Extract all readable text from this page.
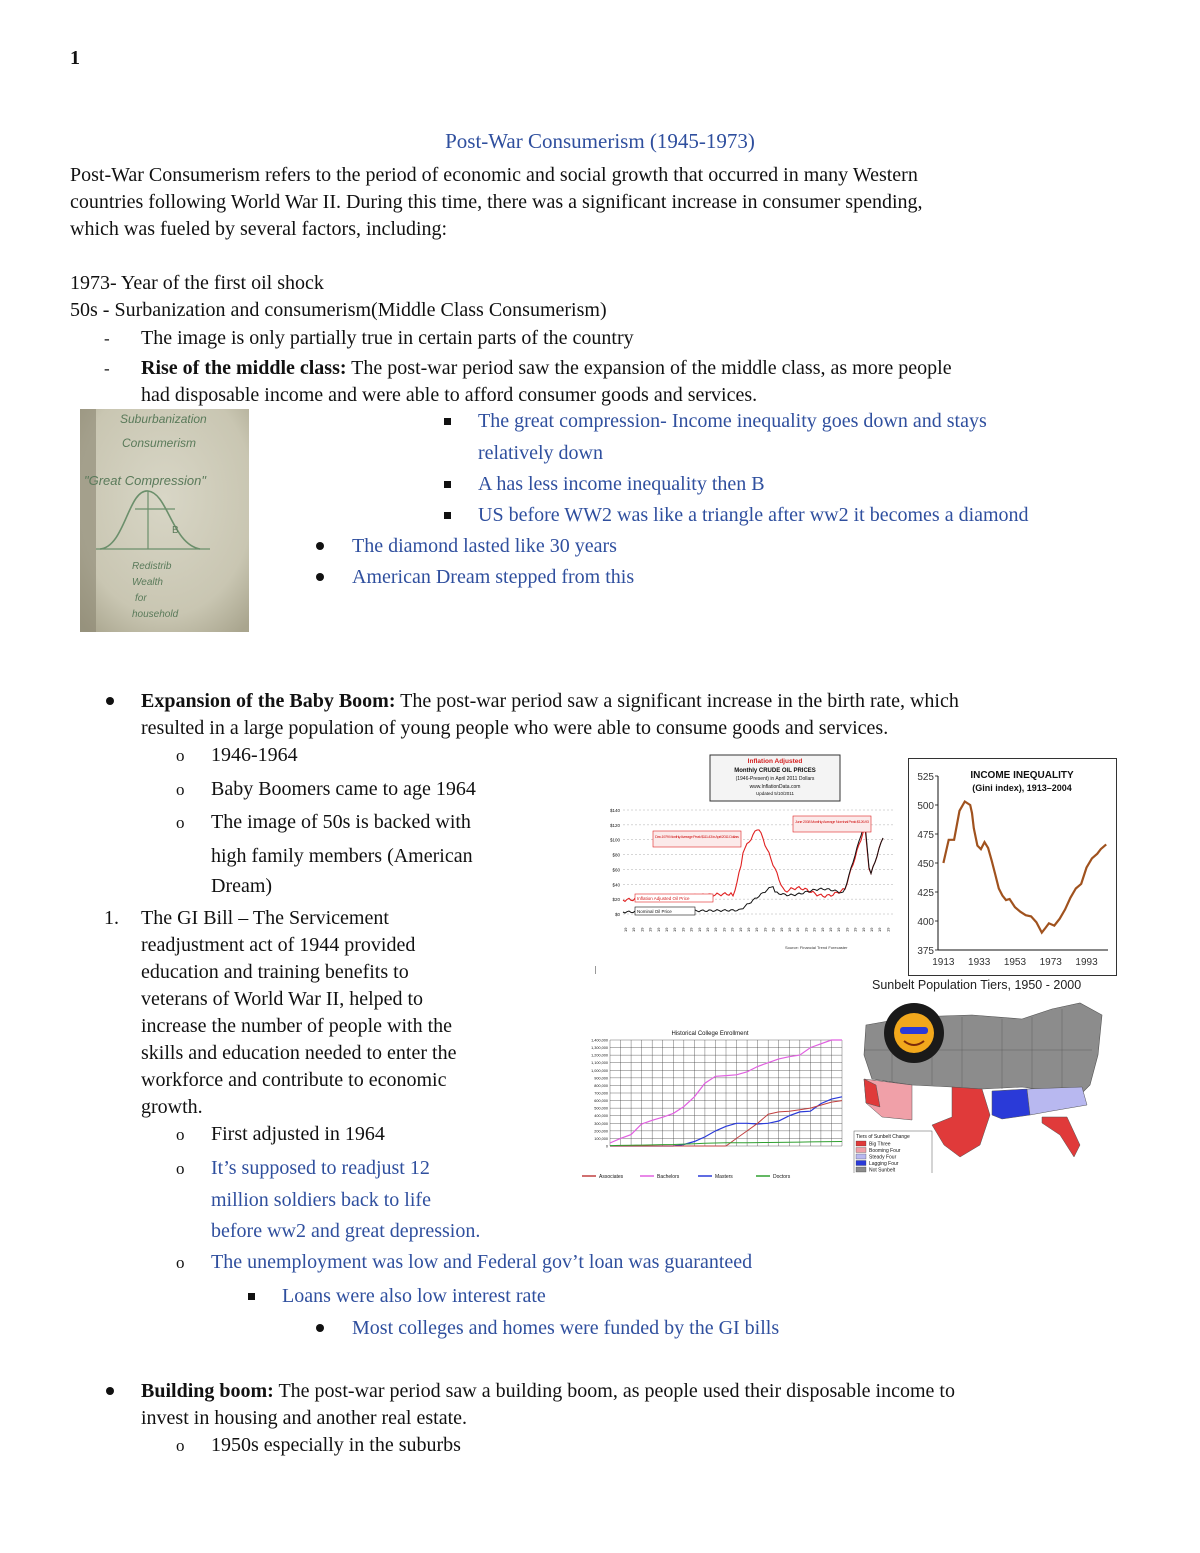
1
Post-War Consumerism (1945-1973)
Post-War Consumerism refers to the period of economic and social growth that occurred in many Western
countries following World War II. During this time, there was a significant increase in consumer spending,
which was fueled by several factors, including:
1973- Year of the first oil shock
50s - Surbanization and consumerism(Middle Class Consumerism)
- The image is only partially true in certain parts of the country
- Rise of the middle class: The post-war period saw the expansion of the middle class, as more people
had disposable income and were able to afford consumer goods and services.
Suburbanization
Consumerism
"Great Compression"
B
Redistrib
Wealth
for
household
The great compression- Income inequality goes down and stays
relatively down
A has less income inequality then B
US before WW2 was like a triangle after ww2 it becomes a diamond
The diamond lasted like 30 years
American Dream stepped from this
Expansion of the Baby Boom: The post-war period saw a significant increase in the birth rate, which
resulted in a large population of young people who were able to consume goods and services.
o 1946-1964
o Baby Boomers came to age 1964
o The image of 50s is backed with
high family members (American
Dream)
1. The GI Bill – The Servicement
readjustment act of 1944 provided
education and training benefits to
veterans of World War II, helped to
increase the number of people with the
skills and education needed to enter the
workforce and contribute to economic
growth.
o First adjusted in 1964
o It’s supposed to readjust 12
million soldiers back to life
before ww2 and great depression.
o The unemployment was low and Federal gov’t loan was guaranteed
Loans were also low interest rate
Most colleges and homes were funded by the GI bills
Building boom: The post-war period saw a building boom, as people used their disposable income to
invest in housing and another real estate.
o 1950s especially in the suburbs
Inflation Adjusted
Monthly CRUDE OIL PRICES
(1946-Present) in April 2011 Dollars
www.InflationData.com
Updated 5/10/2011
$140
$120
$100
$80
$60
$40
$20
$0
Dec.1979 Monthly Average Peak $111.43 in April 2011 Dollars
June 2008 Monthly Average Nominal Peak $126.93
Inflation Adjusted Oil Price
Nominal Oil Price
19 19 19 19 19 19 19 19 19 19 19 19 19 19 19 19 19 19 19 19 19 19 19 19 19 19 19 19 19 19 19 19 19
Source: Financial Trend Forecaster
INCOME INEQUALITY
(Gini index), 1913–2004
525
500
475
450
425
400
375
1913 1933 1953 1973 1993
Sunbelt Population Tiers, 1950 - 2000
Tiers of Sunbelt Change
Big Three
Booming Four
Steady Four
Lagging Four
Not Sunbelt
Historical College Enrollment
1,400,000
1,300,000
1,200,000
1,100,000
1,000,000
900,000
800,000
700,000
600,000
500,000
400,000
300,000
200,000
100,000
0
Associates	Bachelors	Masters	Doctors
